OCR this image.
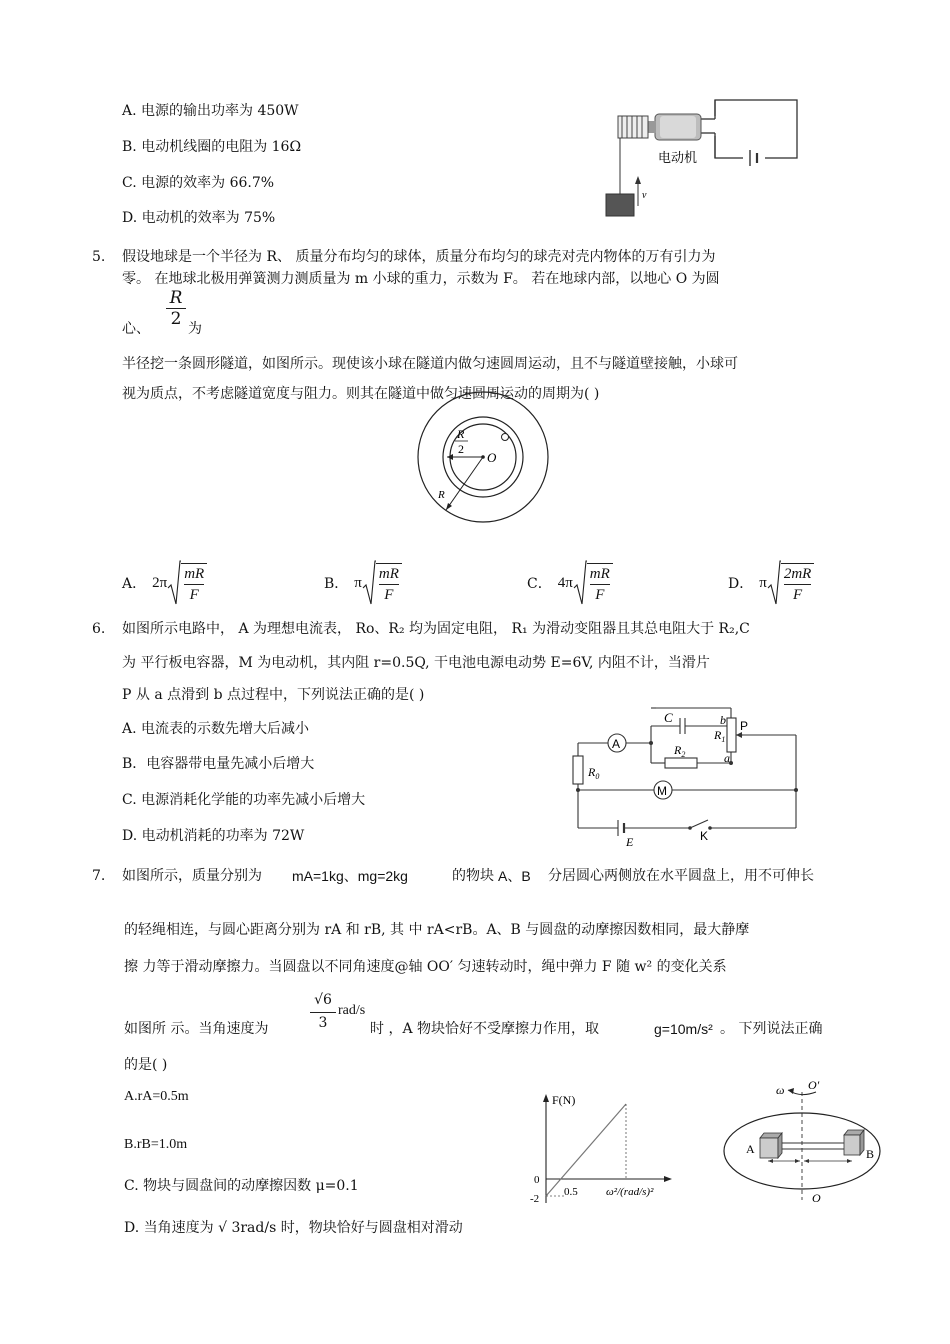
A. 电源的输出功率为 450W
B. 电动机线圈的电阻为 16Ω
C. 电源的效率为 66.7%
D. 电动机的效率为 75%
v
电动机
5. 假设地球是一个半径为 R、 质量分布均匀的球体，质量分布均匀的球壳对壳内物体的万有引力为
零。 在地球北极用弹簧测力测质量为 m 小球的重力，示数为 F。 若在地球内部，以地心 O 为圆
心、
R
2 为
半径挖一条圆形隧道，如图所示。现使该小球在隧道内做匀速圆周运动，且不与隧道壁接触，小球可
视为质点，不考虑隧道宽度与阻力。则其在隧道中做匀速圆周运动的周期为( )
R
2
O
R
A． 2π
mR
F
B． π
mR
F
C． 4π
mR
F
D． π
2mR
F
6. 如图所示电路中， A 为理想电流表， Ro、R₂ 均为固定电阻， R₁ 为滑动变阻器且其总电阻大于 R₂,C
为 平行板电容器，M 为电动机，其内阻 r=0.5Q, 干电池电源电动势 E=6V, 内阻不计，当滑片
P 从 a 点滑到 b 点过程中，下列说法正确的是( )
A. 电流表的示数先增大后减小
B．电容器带电量先减小后增大
C. 电源消耗化学能的功率先减小后增大
D. 电动机消耗的功率为 72W
C	b P
$R_1$
A	$R_2$	a
$R_0$
M
E	K
7. 如图所示，质量分别为 mA=1kg、mg=2kg	的物块 A、B 分居圆心两侧放在水平圆盘上，用不可伸长
的轻绳相连，与圆心距离分别为 rA 和 rB, 其 中 rA<rB。A、B 与圆盘的动摩擦因数相同，最大静摩
擦 力等于滑动摩擦力。当圆盘以不同角速度@轴 OO′ 匀速转动时，绳中弹力 F 随 w² 的变化关系
如图所 示。当角速度为
√6
3
rad/s
时 ，A 物块恰好不受摩擦力作用，取	g=10m/s² 。 下列说法正确
的是( )
A.rA=0.5m
B.rB=1.0m
C. 物块与圆盘间的动摩擦因数 μ=0.1
D. 当角速度为 √ 3rad/s 时，物块恰好与圆盘相对滑动
F(N)
0
-2
0.5	ω²/(rad/s)²
ω O′
A	B
O
